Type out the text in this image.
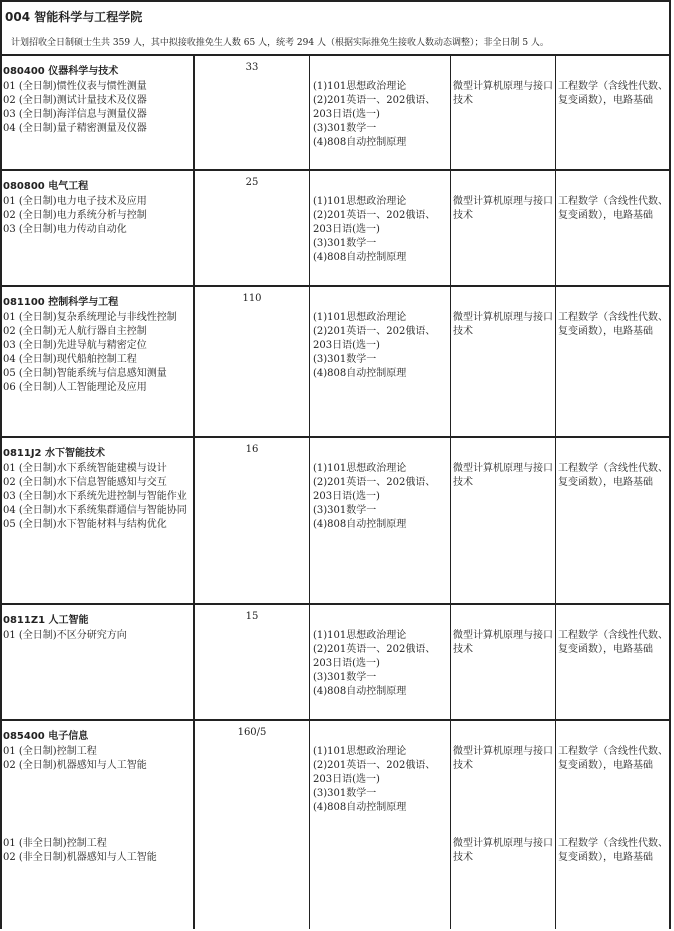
004 智能科学与工程学院
计划招收全日制硕士生共 359 人，其中拟接收推免生人数 65 人，统考 294 人（根据实际推免生接收人数动态调整）；非全日制 5 人。
080400 仪器科学与技术
01 (全日制)惯性仪表与惯性测量
02 (全日制)测试计量技术及仪器
03 (全日制)海洋信息与测量仪器
04 (全日制)量子精密测量及仪器
33
(1)101思想政治理论
(2)201英语一、202俄语、203日语(选一)
(3)301数学一
(4)808自动控制原理
微型计算机原理与接口技术
工程数学（含线性代数、复变函数），电路基础
080800 电气工程
01 (全日制)电力电子技术及应用
02 (全日制)电力系统分析与控制
03 (全日制)电力传动自动化
25
(1)101思想政治理论
(2)201英语一、202俄语、203日语(选一)
(3)301数学一
(4)808自动控制原理
微型计算机原理与接口技术
工程数学（含线性代数、复变函数），电路基础
081100 控制科学与工程
01 (全日制)复杂系统理论与非线性控制
02 (全日制)无人航行器自主控制
03 (全日制)先进导航与精密定位
04 (全日制)现代船舶控制工程
05 (全日制)智能系统与信息感知测量
06 (全日制)人工智能理论及应用
110
(1)101思想政治理论
(2)201英语一、202俄语、203日语(选一)
(3)301数学一
(4)808自动控制原理
微型计算机原理与接口技术
工程数学（含线性代数、复变函数），电路基础
0811J2 水下智能技术
01 (全日制)水下系统智能建模与设计
02 (全日制)水下信息智能感知与交互
03 (全日制)水下系统先进控制与智能作业
04 (全日制)水下系统集群通信与智能协同
05 (全日制)水下智能材料与结构优化
16
(1)101思想政治理论
(2)201英语一、202俄语、203日语(选一)
(3)301数学一
(4)808自动控制原理
微型计算机原理与接口技术
工程数学（含线性代数、复变函数），电路基础
0811Z1 人工智能
01 (全日制)不区分研究方向
15
(1)101思想政治理论
(2)201英语一、202俄语、203日语(选一)
(3)301数学一
(4)808自动控制原理
微型计算机原理与接口技术
工程数学（含线性代数、复变函数），电路基础
085400 电子信息
01 (全日制)控制工程
02 (全日制)机器感知与人工智能
01 (非全日制)控制工程
02 (非全日制)机器感知与人工智能
160/5
(1)101思想政治理论
(2)201英语一、202俄语、203日语(选一)
(3)301数学一
(4)808自动控制原理
微型计算机原理与接口技术
微型计算机原理与接口技术
工程数学（含线性代数、复变函数），电路基础
工程数学（含线性代数、复变函数），电路基础
